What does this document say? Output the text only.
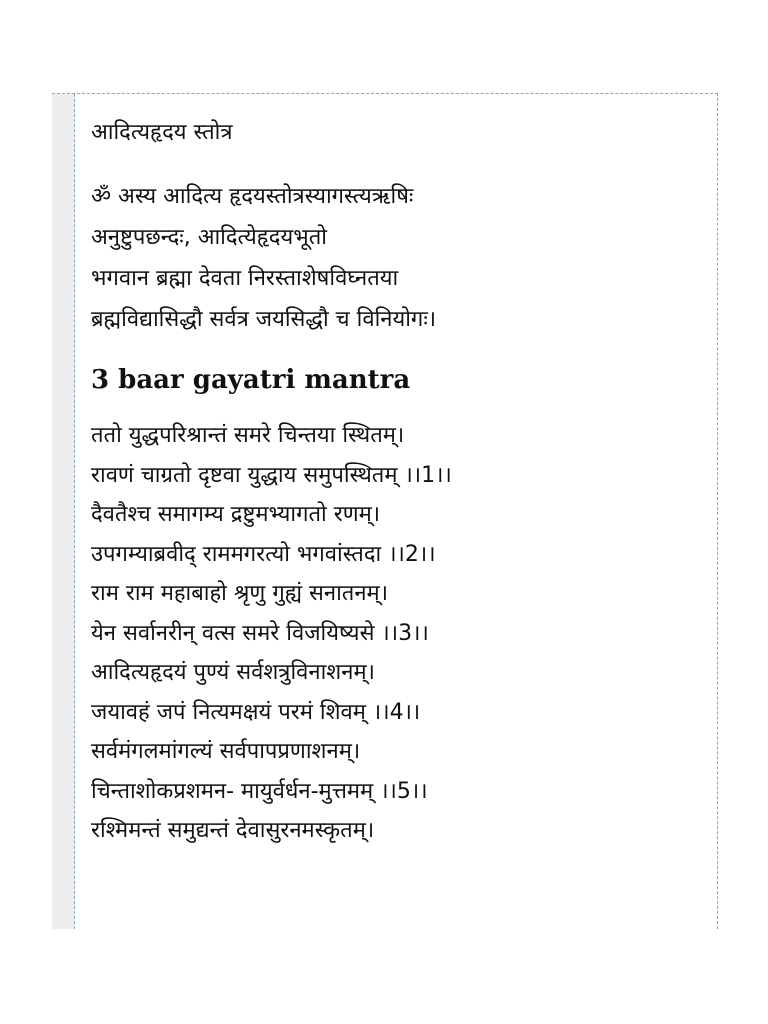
आदित्यहृदय स्तोत्र
ॐ अस्य आदित्य हृदयस्तोत्रस्यागस्त्यऋषिः
अनुष्टुपछन्दः, आदित्येहृदयभूतो
भगवान ब्रह्मा देवता निरस्ताशेषविघ्नतया
ब्रह्मविद्यासिद्धौ सर्वत्र जयसिद्धौ च विनियोगः।
3 baar gayatri mantra
ततो युद्धपरिश्रान्तं समरे चिन्तया स्थितम्।
रावणं चाग्रतो दृष्टवा युद्धाय समुपस्थितम् ।।1।।
दैवतैश्च समागम्य द्रष्टुमभ्यागतो रणम्।
उपगम्याब्रवीद् राममगरत्यो भगवांस्तदा ।।2।।
राम राम महाबाहो श्रृणु गुह्यं सनातनम्।
येन सर्वानरीन् वत्स समरे विजयिष्यसे ।।3।।
आदित्यहृदयं पुण्यं सर्वशत्रुविनाशनम्।
जयावहं जपं नित्यमक्षयं परमं शिवम् ।।4।।
सर्वमंगलमांगल्यं सर्वपापप्रणाशनम्।
चिन्ताशोकप्रशमन- मायुर्वर्धन-मुत्तमम् ।।5।।
रश्मिमन्तं समुद्यन्तं देवासुरनमस्कृतम्।
